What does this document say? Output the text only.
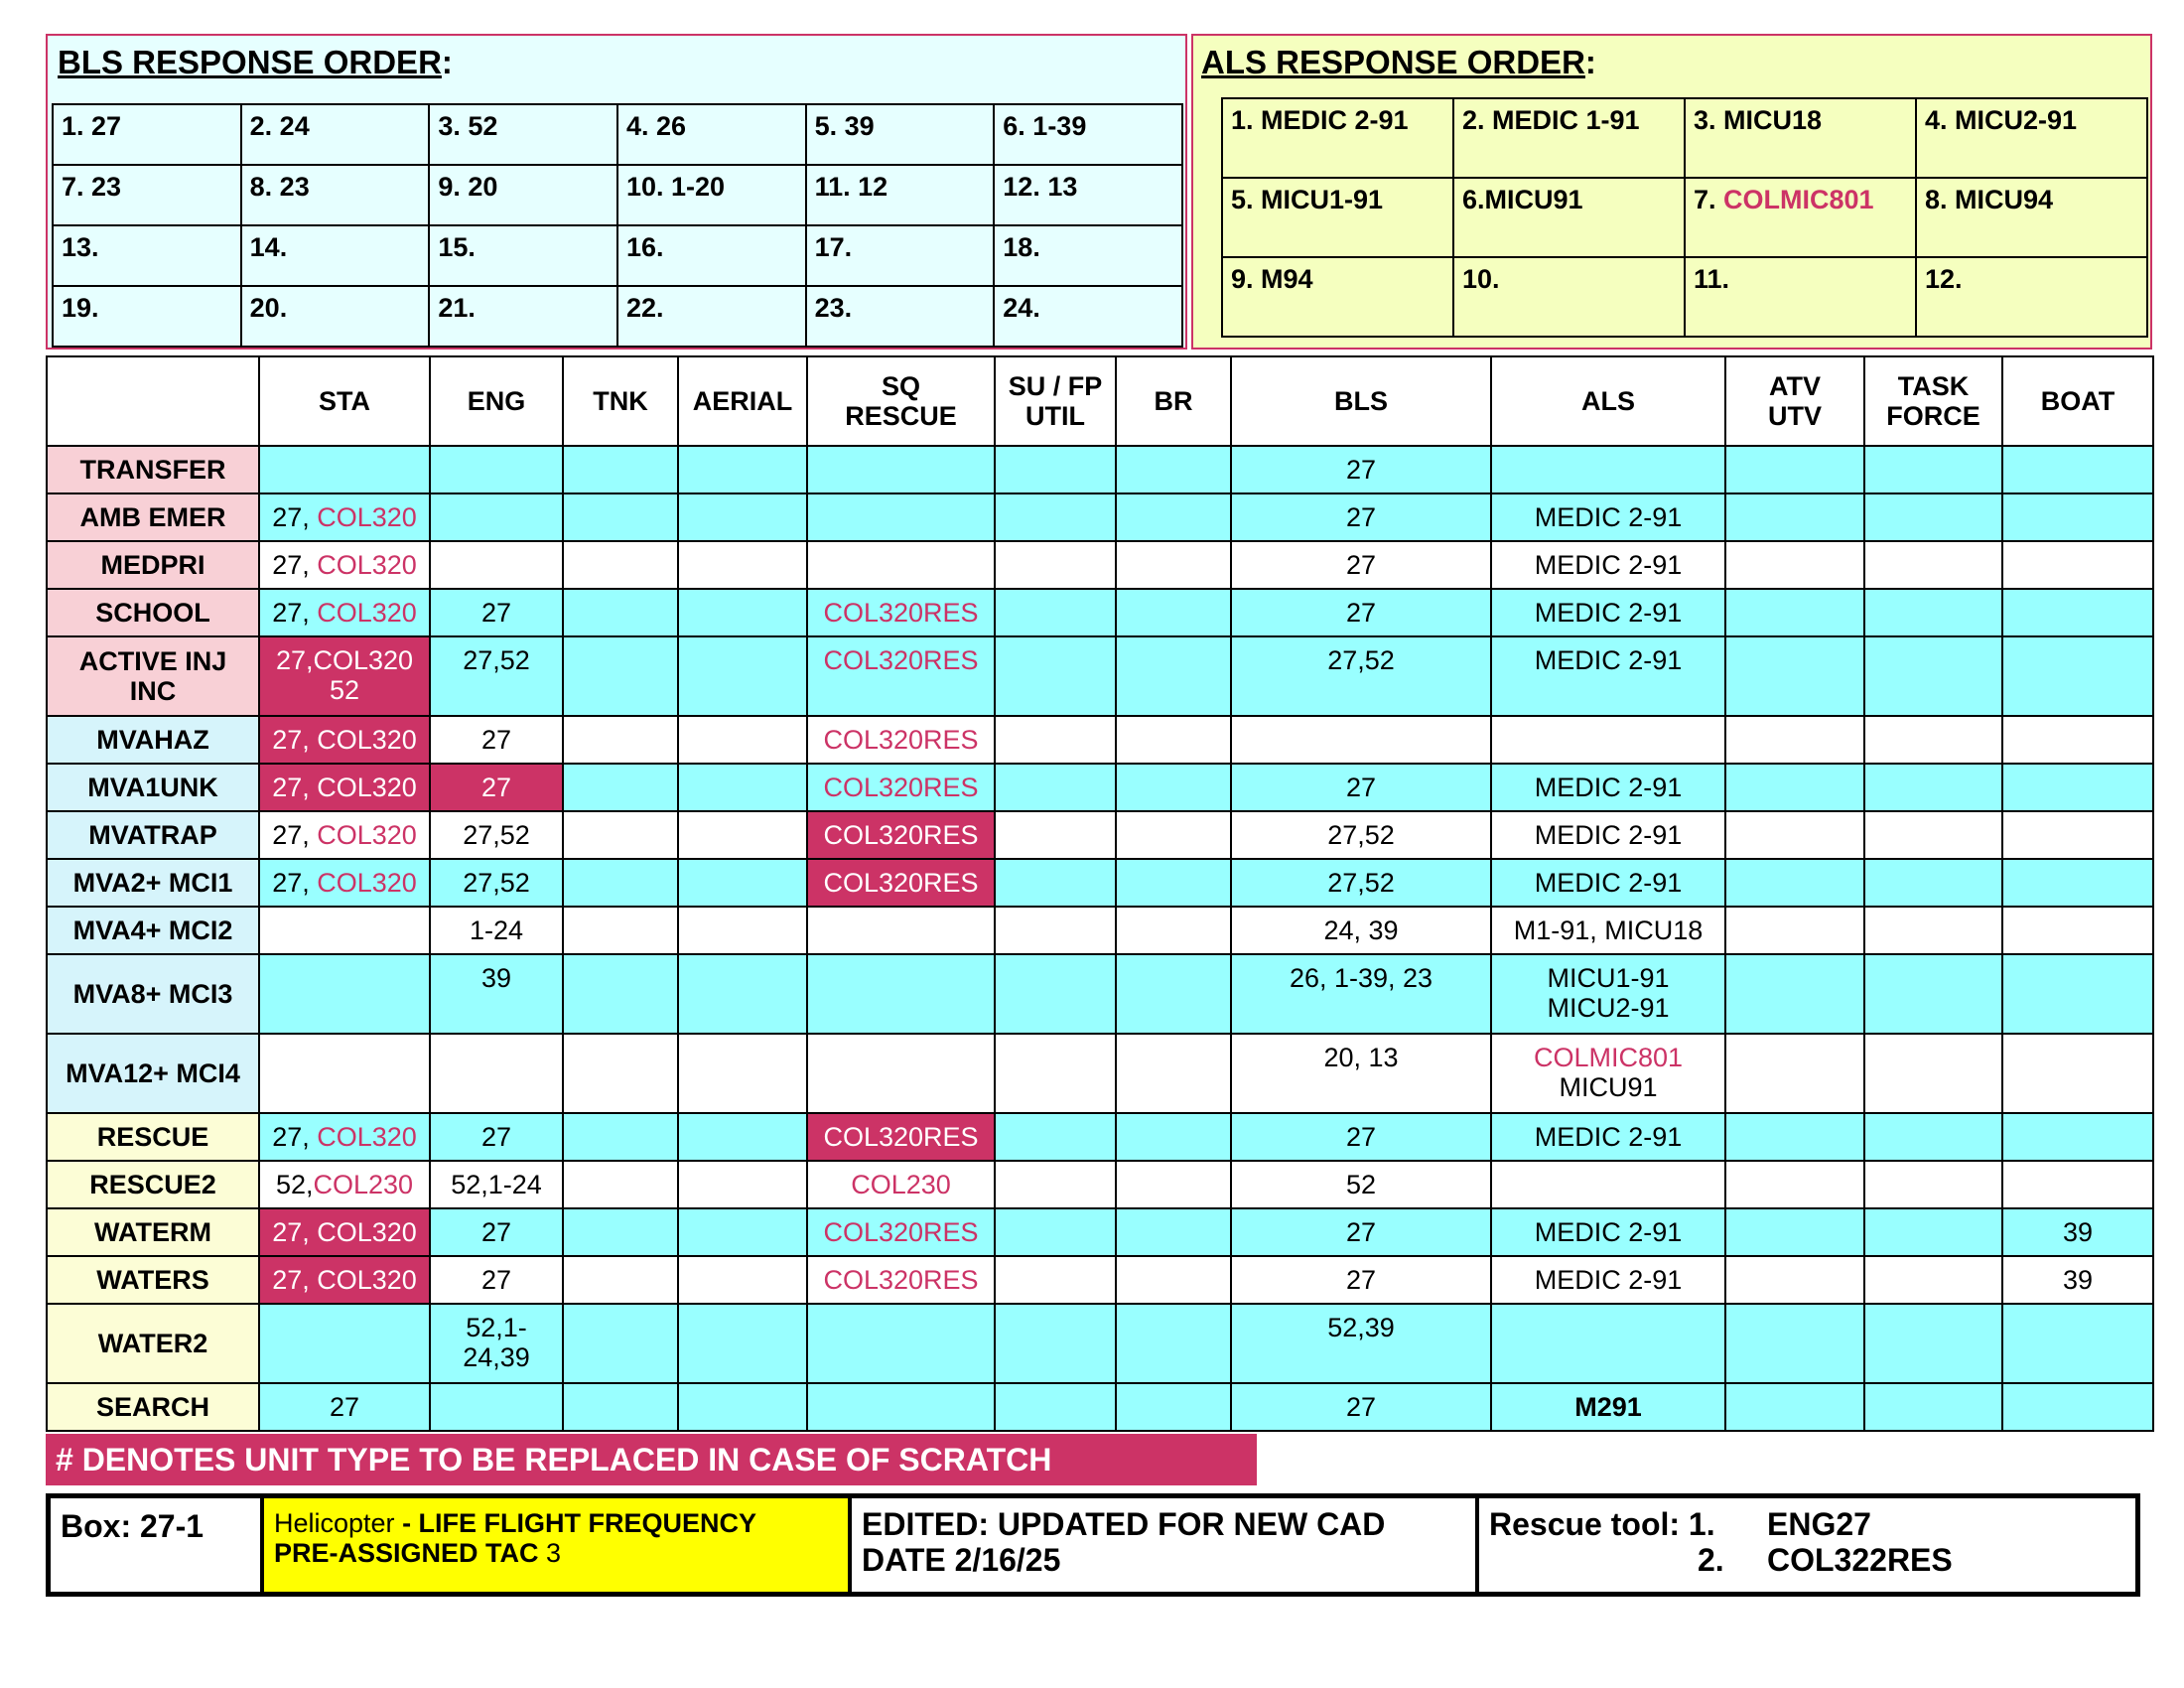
BLS RESPONSE ORDER:
1. 27	2. 24	3. 52	4. 26	5. 39	6. 1-39
7. 23	8. 23	9. 20	10. 1-20	11. 12	12. 13
13.	14.	15.	16.	17.	18.
19.	20.	21.	22.	23.	24.
ALS RESPONSE ORDER:
1. MEDIC 2-91	2. MEDIC 1-91	3. MICU18	4. MICU2-91
5. MICU1-91	6.MICU91	7. COLMIC801	8. MICU94
9. M94	10.	11.	12.
	STA	ENG	TNK	AERIAL	SQ
RESCUE	SU / FP
UTIL	BR	BLS	ALS	ATV
UTV	TASK
FORCE	BOAT
TRANSFER								27				
AMB EMER	27, COL320							27	MEDIC 2-91			
MEDPRI	27, COL320							27	MEDIC 2-91			
SCHOOL	27, COL320	27			COL320RES			27	MEDIC 2-91			
ACTIVE INJ
INC	27,COL320
52	27,52			COL320RES			27,52	MEDIC 2-91			
MVAHAZ	27, COL320	27			COL320RES							
MVA1UNK	27, COL320	27			COL320RES			27	MEDIC 2-91			
MVATRAP	27, COL320	27,52			COL320RES			27,52	MEDIC 2-91			
MVA2+ MCI1	27, COL320	27,52			COL320RES			27,52	MEDIC 2-91			
MVA4+ MCI2		1-24						24, 39	M1-91, MICU18			
MVA8+ MCI3		39						26, 1-39, 23	MICU1-91
MICU2-91			
MVA12+ MCI4								20, 13	COLMIC801
MICU91			
RESCUE	27, COL320	27			COL320RES			27	MEDIC 2-91			
RESCUE2	52,COL230	52,1-24			COL230			52				
WATERM	27, COL320	27			COL320RES			27	MEDIC 2-91			39
WATERS	27, COL320	27			COL320RES			27	MEDIC 2-91			39
WATER2		52,1-
24,39						52,39				
SEARCH	27							27	M291			
# DENOTES UNIT TYPE TO BE REPLACED IN CASE OF SCRATCH
Box: 27-1	Helicopter - LIFE FLIGHT FREQUENCY
PRE-ASSIGNED TAC 3
EDITED: UPDATED FOR NEW CAD
DATE 2/16/25
Rescue tool: 1. ENG27
2. COL322RES
